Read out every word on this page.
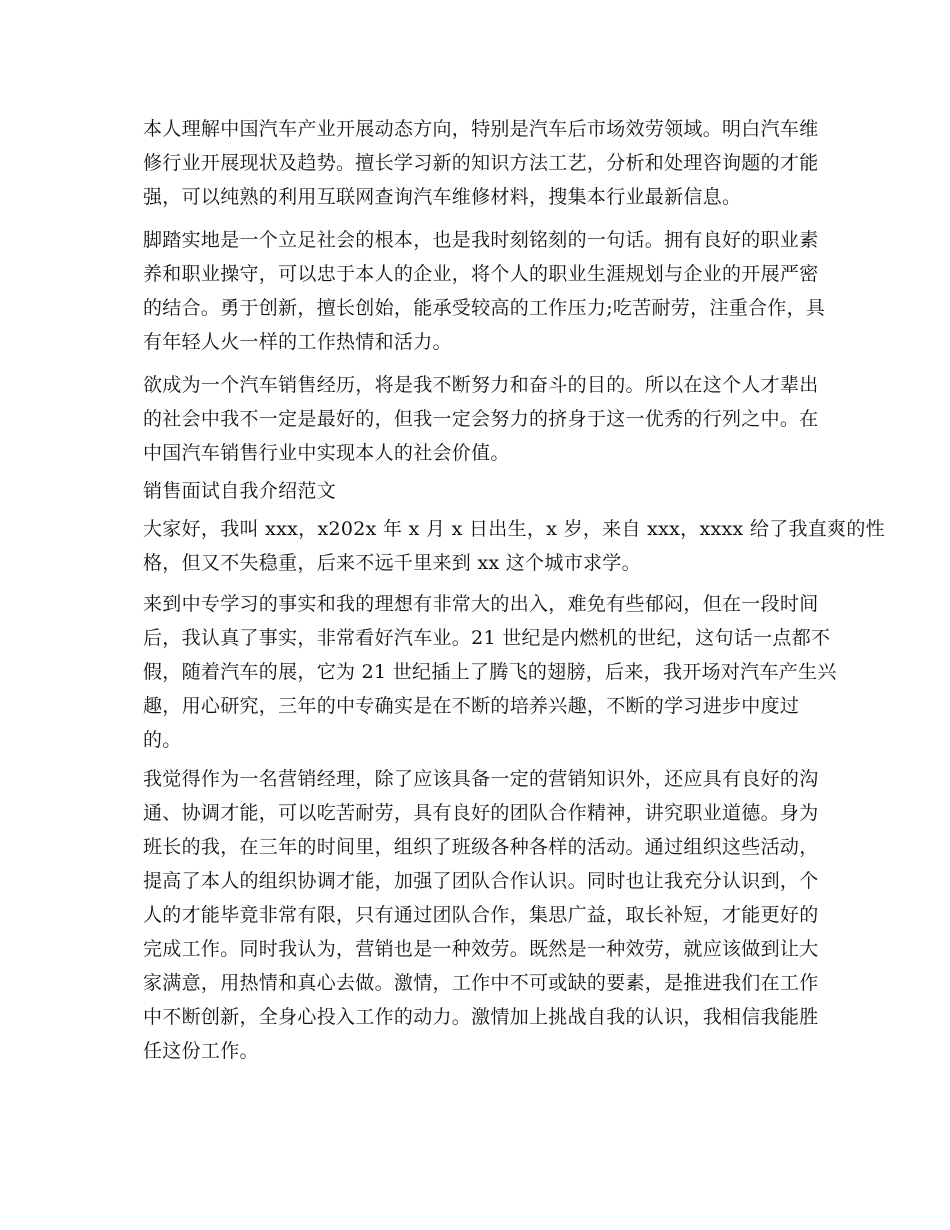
本人理解中国汽车产业开展动态方向，特别是汽车后市场效劳领域。明白汽车维
修行业开展现状及趋势。擅长学习新的知识方法工艺，分析和处理咨询题的才能
强，可以纯熟的利用互联网查询汽车维修材料，搜集本行业最新信息。
脚踏实地是一个立足社会的根本，也是我时刻铭刻的一句话。拥有良好的职业素
养和职业操守，可以忠于本人的企业，将个人的职业生涯规划与企业的开展严密
的结合。勇于创新，擅长创始，能承受较高的工作压力;吃苦耐劳，注重合作，具
有年轻人火一样的工作热情和活力。
欲成为一个汽车销售经历，将是我不断努力和奋斗的目的。所以在这个人才辈出
的社会中我不一定是最好的，但我一定会努力的挤身于这一优秀的行列之中。在
中国汽车销售行业中实现本人的社会价值。
销售面试自我介绍范文
大家好，我叫 xxx，x202x 年 x 月 x 日出生，x 岁，来自 xxx，xxxx 给了我直爽的性
格，但又不失稳重，后来不远千里来到 xx 这个城市求学。
来到中专学习的事实和我的理想有非常大的出入，难免有些郁闷，但在一段时间
后，我认真了事实，非常看好汽车业。21 世纪是内燃机的世纪，这句话一点都不
假，随着汽车的展，它为 21 世纪插上了腾飞的翅膀，后来，我开场对汽车产生兴
趣，用心研究，三年的中专确实是在不断的培养兴趣，不断的学习进步中度过
的。
我觉得作为一名营销经理，除了应该具备一定的营销知识外，还应具有良好的沟
通、协调才能，可以吃苦耐劳，具有良好的团队合作精神，讲究职业道德。身为
班长的我，在三年的时间里，组织了班级各种各样的活动。通过组织这些活动，
提高了本人的组织协调才能，加强了团队合作认识。同时也让我充分认识到，个
人的才能毕竟非常有限，只有通过团队合作，集思广益，取长补短，才能更好的
完成工作。同时我认为，营销也是一种效劳。既然是一种效劳，就应该做到让大
家满意，用热情和真心去做。激情，工作中不可或缺的要素，是推进我们在工作
中不断创新，全身心投入工作的动力。激情加上挑战自我的认识，我相信我能胜
任这份工作。
